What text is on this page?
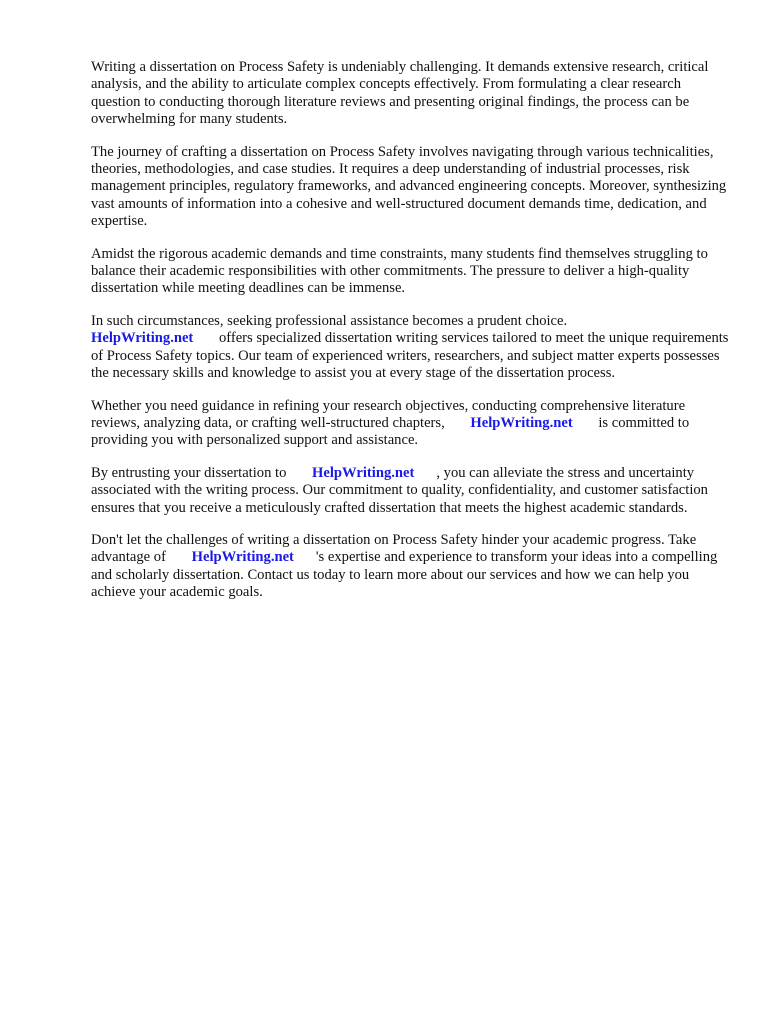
Writing a dissertation on Process Safety is undeniably challenging. It demands extensive research, critical analysis, and the ability to articulate complex concepts effectively. From formulating a clear research question to conducting thorough literature reviews and presenting original findings, the process can be overwhelming for many students.

The journey of crafting a dissertation on Process Safety involves navigating through various technicalities, theories, methodologies, and case studies. It requires a deep understanding of industrial processes, risk management principles, regulatory frameworks, and advanced engineering concepts. Moreover, synthesizing vast amounts of information into a cohesive and well-structured document demands time, dedication, and expertise.

Amidst the rigorous academic demands and time constraints, many students find themselves struggling to balance their academic responsibilities with other commitments. The pressure to deliver a high-quality dissertation while meeting deadlines can be immense.

In such circumstances, seeking professional assistance becomes a prudent choice.
HelpWriting.net offers specialized dissertation writing services tailored to meet the unique requirements of Process Safety topics. Our team of experienced writers, researchers, and subject matter experts possesses the necessary skills and knowledge to assist you at every stage of the dissertation process.

Whether you need guidance in refining your research objectives, conducting comprehensive literature reviews, analyzing data, or crafting well-structured chapters, HelpWriting.net is committed to providing you with personalized support and assistance.

By entrusting your dissertation to HelpWriting.net , you can alleviate the stress and uncertainty associated with the writing process. Our commitment to quality, confidentiality, and customer satisfaction ensures that you receive a meticulously crafted dissertation that meets the highest academic standards.

Don't let the challenges of writing a dissertation on Process Safety hinder your academic progress. Take advantage of HelpWriting.net 's expertise and experience to transform your ideas into a compelling and scholarly dissertation. Contact us today to learn more about our services and how we can help you achieve your academic goals.
